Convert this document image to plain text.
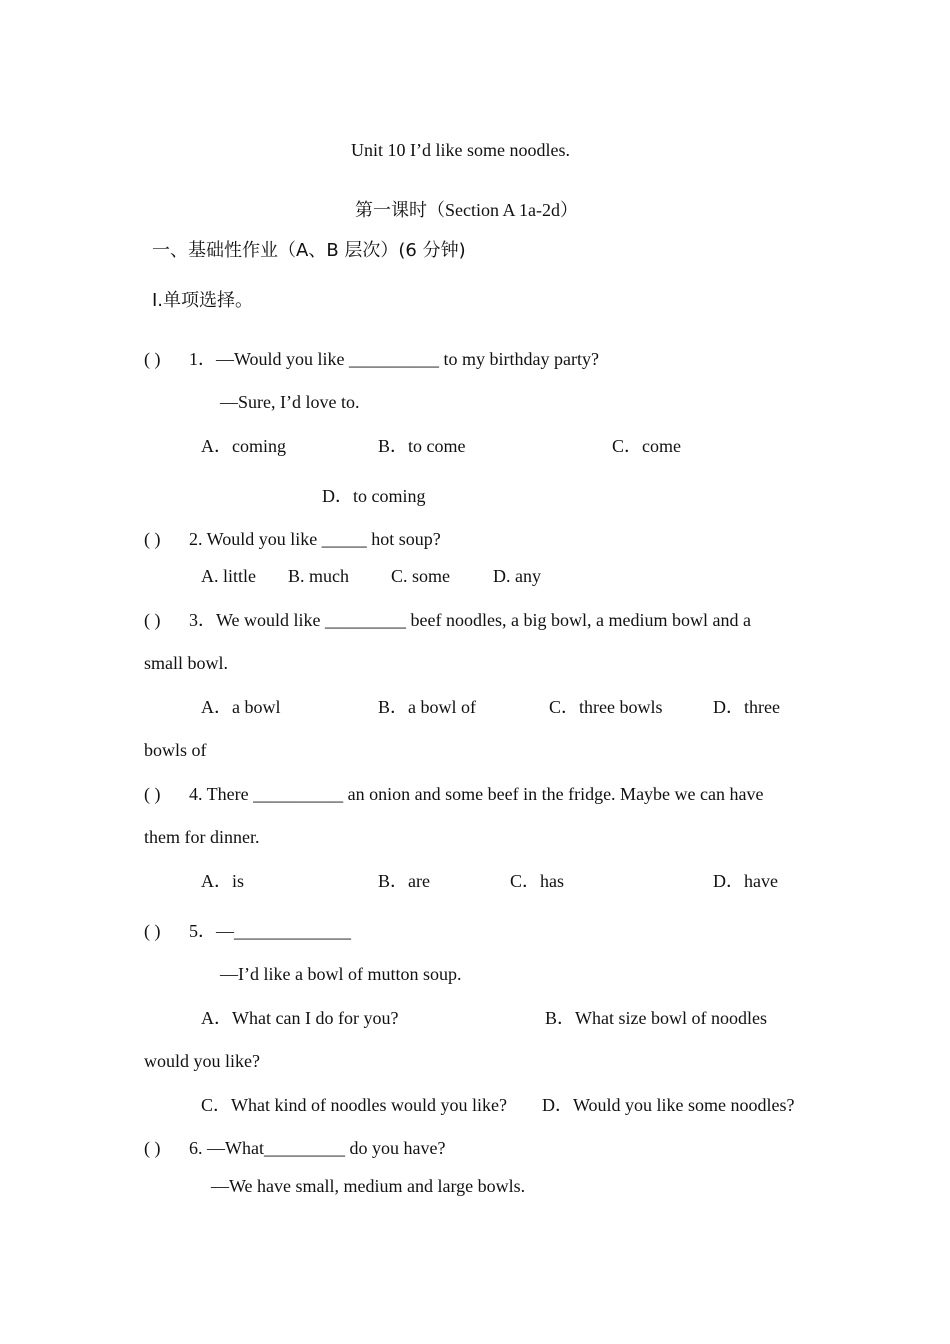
Unit 10 I’d like some noodles.
第一课时（Section A 1a-2d）
一、基础性作业（A、B 层次）(6 分钟)
I.单项选择。
( ) 1．—Would you like __________ to my birthday party?
—Sure, I’d love to.
A．coming	B．to come	C．come
D．to coming
( ) 2. Would you like _____ hot soup?
A. little B. much C. some D. any
( ) 3．We would like _________ beef noodles, a big bowl, a medium bowl and a
small bowl.
A．a bowl	B．a bowl of	C．three bowls	D．three
bowls of
( ) 4. There __________ an onion and some beef in the fridge. Maybe we can have
them for dinner.
A．is	B．are	C．has	D．have
( ) 5．—_____________
—I’d like a bowl of mutton soup.
A．What can I do for you?	B．What size bowl of noodles
would you like?
C．What kind of noodles would you like? D．Would you like some noodles?
( ) 6. —What_________ do you have?
—We have small, medium and large bowls.
